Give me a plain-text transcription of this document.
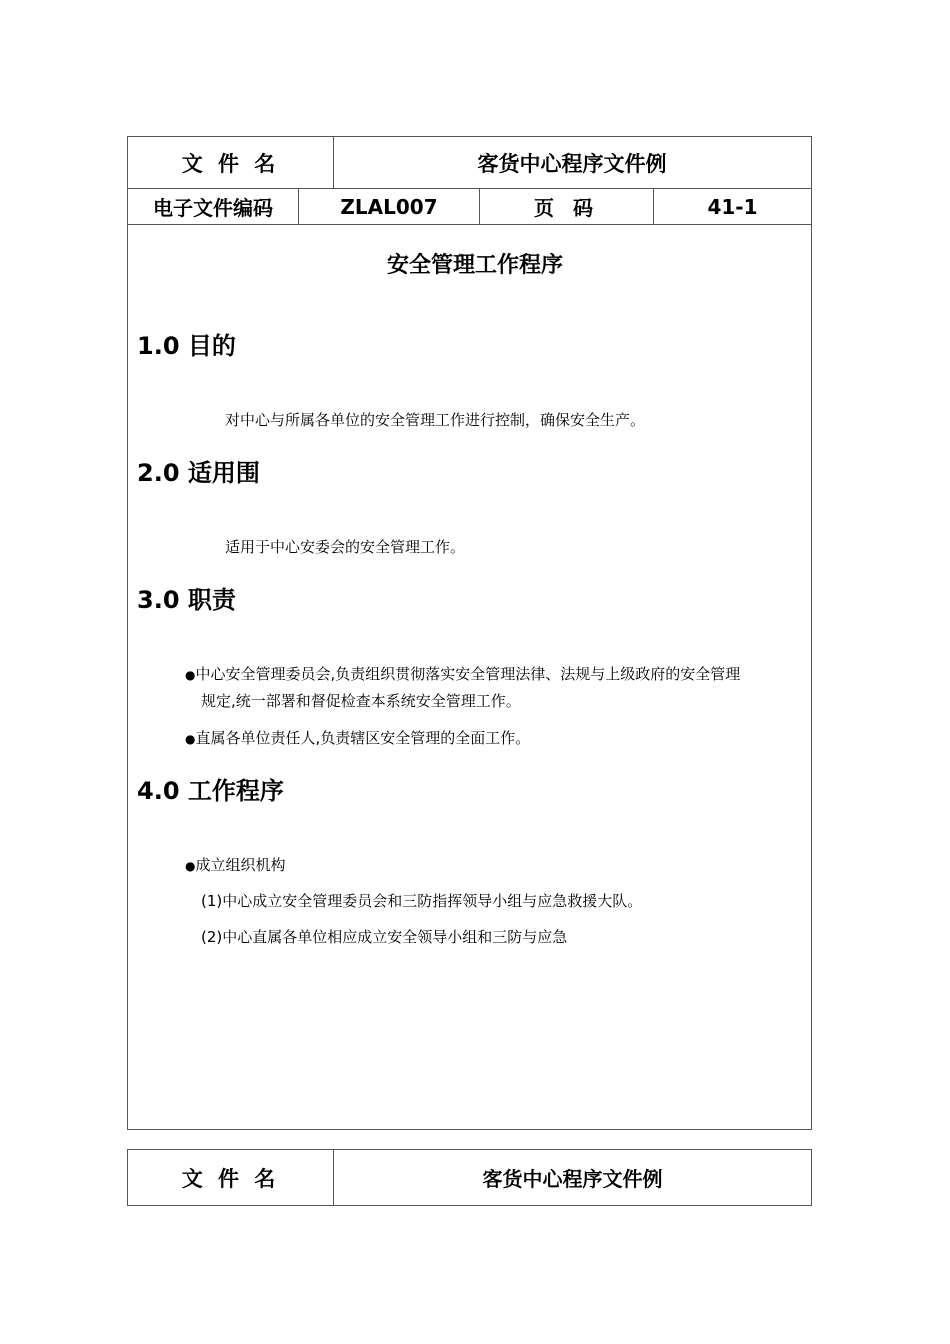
文 件 名	客货中心程序文件例
电子文件编码	ZLAL007	页 码	41-1
安全管理工作程序
1.0 目的
对中心与所属各单位的安全管理工作进行控制，确保安全生产。
2.0 适用围
适用于中心安委会的安全管理工作。
3.0 职责
●中心安全管理委员会,负责组织贯彻落实安全管理法律、法规与上级政府的安全管理
规定,统一部署和督促检查本系统安全管理工作。
●直属各单位责任人,负责辖区安全管理的全面工作。
4.0 工作程序
●成立组织机构
(1)中心成立安全管理委员会和三防指挥领导小组与应急救援大队。
(2)中心直属各单位相应成立安全领导小组和三防与应急
文 件 名	客货中心程序文件例
